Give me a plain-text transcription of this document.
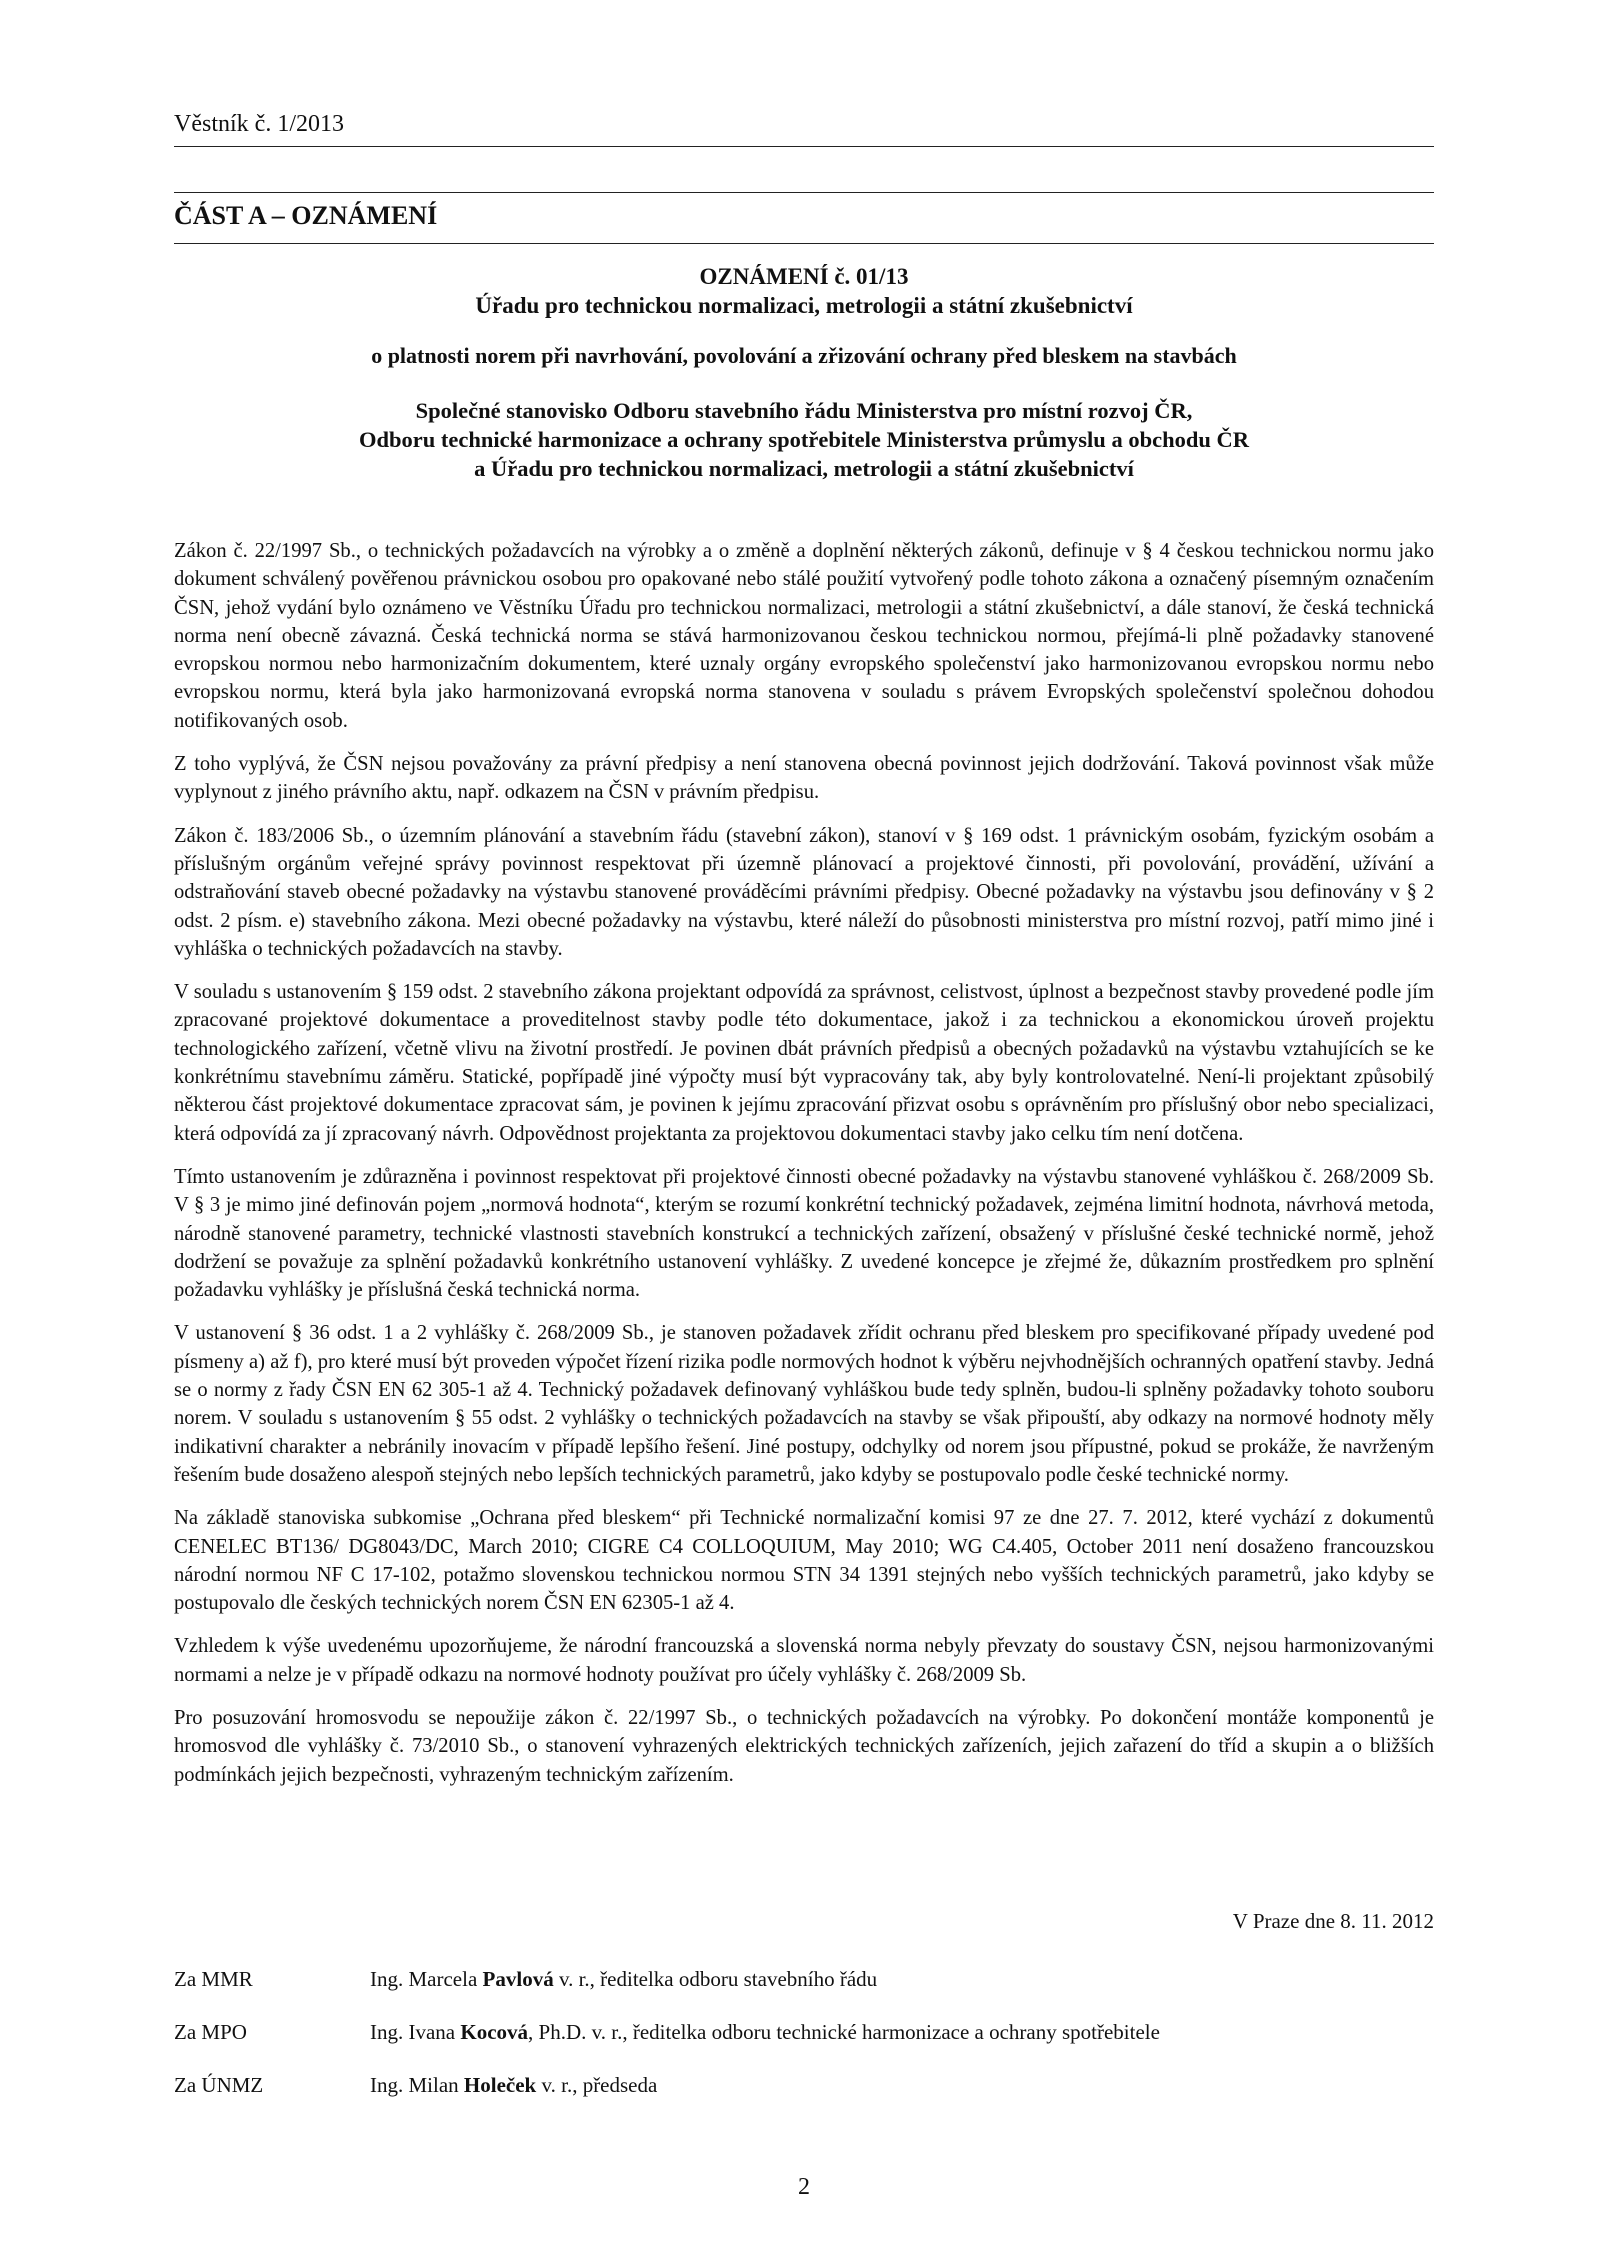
Věstník č. 1/2013
ČÁST A – OZNÁMENÍ
OZNÁMENÍ č. 01/13
Úřadu pro technickou normalizaci, metrologii a státní zkušebnictví
o platnosti norem při navrhování, povolování a zřizování ochrany před bleskem na stavbách
Společné stanovisko Odboru stavebního řádu Ministerstva pro místní rozvoj ČR,
Odboru technické harmonizace a ochrany spotřebitele Ministerstva průmyslu a obchodu ČR
a Úřadu pro technickou normalizaci, metrologii a státní zkušebnictví

Zákon č. 22/1997 Sb., o technických požadavcích na výrobky a o změně a doplnění některých zákonů, definuje v § 4 českou technickou normu jako dokument schválený pověřenou právnickou osobou pro opakované nebo stálé použití vytvořený podle tohoto zákona a označený písemným označením ČSN, jehož vydání bylo oznámeno ve Věstníku Úřadu pro technickou normalizaci, metrologii a státní zkušebnictví, a dále stanoví, že česká technická norma není obecně závazná. Česká technická norma se stává harmonizovanou českou technickou normou, přejímá-li plně požadavky stanovené evropskou normou nebo harmonizačním dokumentem, které uznaly orgány evropského společenství jako harmonizovanou evropskou normu nebo evropskou normu, která byla jako harmonizovaná evropská norma stanovena v souladu s právem Evropských společenství společnou dohodou notifikovaných osob.

Z toho vyplývá, že ČSN nejsou považovány za právní předpisy a není stanovena obecná povinnost jejich dodržování. Taková povinnost však může vyplynout z jiného právního aktu, např. odkazem na ČSN v právním předpisu.

Zákon č. 183/2006 Sb., o územním plánování a stavebním řádu (stavební zákon), stanoví v § 169 odst. 1 právnickým osobám, fyzickým osobám a příslušným orgánům veřejné správy povinnost respektovat při územně plánovací a projektové činnosti, při povolování, provádění, užívání a odstraňování staveb obecné požadavky na výstavbu stanovené prováděcími právními předpisy. Obecné požadavky na výstavbu jsou definovány v § 2 odst. 2 písm. e) stavebního zákona. Mezi obecné požadavky na výstavbu, které náleží do působnosti ministerstva pro místní rozvoj, patří mimo jiné i vyhláška o technických požadavcích na stavby.

V souladu s ustanovením § 159 odst. 2 stavebního zákona projektant odpovídá za správnost, celistvost, úplnost a bezpečnost stavby provedené podle jím zpracované projektové dokumentace a proveditelnost stavby podle této dokumentace, jakož i za technickou a ekonomickou úroveň projektu technologického zařízení, včetně vlivu na životní prostředí. Je povinen dbát právních předpisů a obecných požadavků na výstavbu vztahujících se ke konkrétnímu stavebnímu záměru. Statické, popřípadě jiné výpočty musí být vypracovány tak, aby byly kontrolovatelné. Není-li projektant způsobilý některou část projektové dokumentace zpracovat sám, je povinen k jejímu zpracování přizvat osobu s oprávněním pro příslušný obor nebo specializaci, která odpovídá za jí zpracovaný návrh. Odpovědnost projektanta za projektovou dokumentaci stavby jako celku tím není dotčena.

Tímto ustanovením je zdůrazněna i povinnost respektovat při projektové činnosti obecné požadavky na výstavbu stanovené vyhláškou č. 268/2009 Sb. V § 3 je mimo jiné definován pojem „normová hodnota“, kterým se rozumí konkrétní technický požadavek, zejména limitní hodnota, návrhová metoda, národně stanovené parametry, technické vlastnosti stavebních konstrukcí a technických zařízení, obsažený v příslušné české technické normě, jehož dodržení se považuje za splnění požadavků konkrétního ustanovení vyhlášky. Z uvedené koncepce je zřejmé že, důkazním prostředkem pro splnění požadavku vyhlášky je příslušná česká technická norma.

V ustanovení § 36 odst. 1 a 2 vyhlášky č. 268/2009 Sb., je stanoven požadavek zřídit ochranu před bleskem pro specifikované případy uvedené pod písmeny a) až f), pro které musí být proveden výpočet řízení rizika podle normových hodnot k výběru nejvhodnějších ochranných opatření stavby. Jedná se o normy z řady ČSN EN 62 305-1 až 4. Technický požadavek definovaný vyhláškou bude tedy splněn, budou-li splněny požadavky tohoto souboru norem. V souladu s ustanovením § 55 odst. 2 vyhlášky o technických požadavcích na stavby se však připouští, aby odkazy na normové hodnoty měly indikativní charakter a nebránily inovacím v případě lepšího řešení. Jiné postupy, odchylky od norem jsou přípustné, pokud se prokáže, že navrženým řešením bude dosaženo alespoň stejných nebo lepších technických parametrů, jako kdyby se postupovalo podle české technické normy.

Na základě stanoviska subkomise „Ochrana před bleskem“ při Technické normalizační komisi 97 ze dne 27. 7. 2012, které vychází z dokumentů CENELEC BT136/ DG8043/DC, March 2010; CIGRE C4 COLLOQUIUM, May 2010; WG C4.405, October 2011 není dosaženo francouzskou národní normou NF C 17-102, potažmo slovenskou technickou normou STN 34 1391 stejných nebo vyšších technických parametrů, jako kdyby se postupovalo dle českých technických norem ČSN EN 62305-1 až 4.

Vzhledem k výše uvedenému upozorňujeme, že národní francouzská a slovenská norma nebyly převzaty do soustavy ČSN, nejsou harmonizovanými normami a nelze je v případě odkazu na normové hodnoty používat pro účely vyhlášky č. 268/2009 Sb.

Pro posuzování hromosvodu se nepoužije zákon č. 22/1997 Sb., o technických požadavcích na výrobky. Po dokončení montáže komponentů je hromosvod dle vyhlášky č. 73/2010 Sb., o stanovení vyhrazených elektrických technických zařízeních, jejich zařazení do tříd a skupin a o bližších podmínkách jejich bezpečnosti, vyhrazeným technickým zařízením.

V Praze dne 8. 11. 2012
Za MMR	Ing. Marcela Pavlová v. r., ředitelka odboru stavebního řádu
Za MPO	Ing. Ivana Kocová, Ph.D. v. r., ředitelka odboru technické harmonizace a ochrany spotřebitele
Za ÚNMZ	Ing. Milan Holeček v. r., předseda
2
